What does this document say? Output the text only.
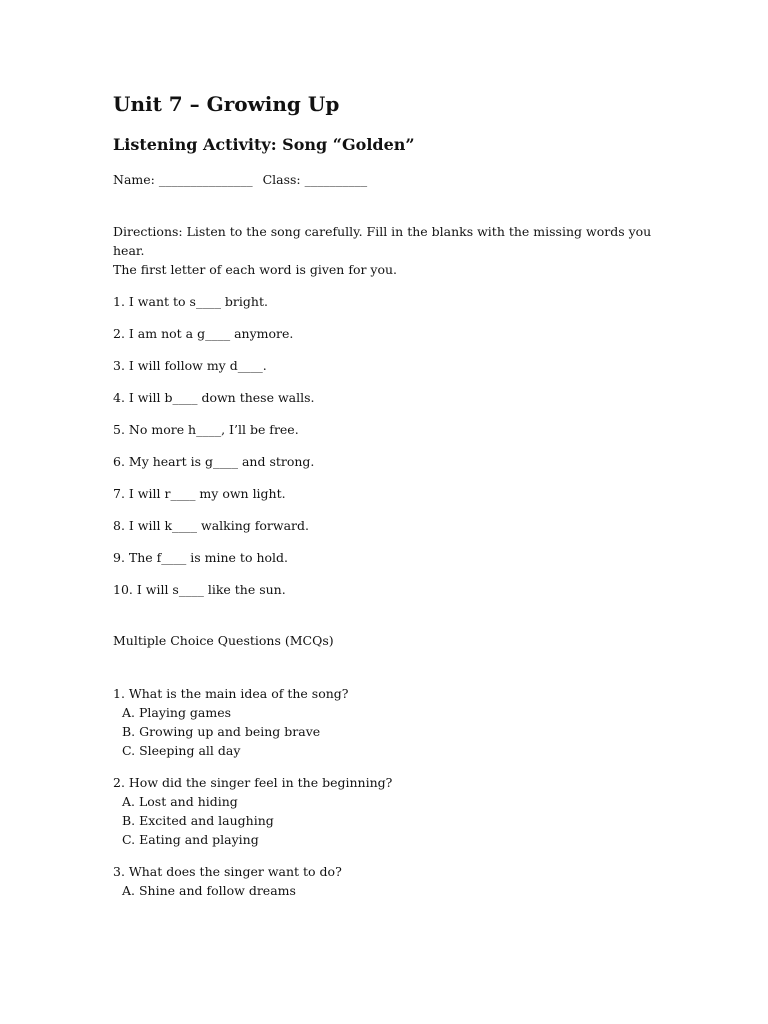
Unit 7 – Growing Up
Listening Activity: Song “Golden”
Name: _______________ Class: __________
Directions: Listen to the song carefully. Fill in the blanks with the missing words you hear.
The first letter of each word is given for you.
1. I want to s____ bright.
2. I am not a g____ anymore.
3. I will follow my d____.
4. I will b____ down these walls.
5. No more h____, I’ll be free.
6. My heart is g____ and strong.
7. I will r____ my own light.
8. I will k____ walking forward.
9. The f____ is mine to hold.
10. I will s____ like the sun.
Multiple Choice Questions (MCQs)
1. What is the main idea of the song?
A. Playing games
B. Growing up and being brave
C. Sleeping all day
2. How did the singer feel in the beginning?
A. Lost and hiding
B. Excited and laughing
C. Eating and playing
3. What does the singer want to do?
A. Shine and follow dreams
